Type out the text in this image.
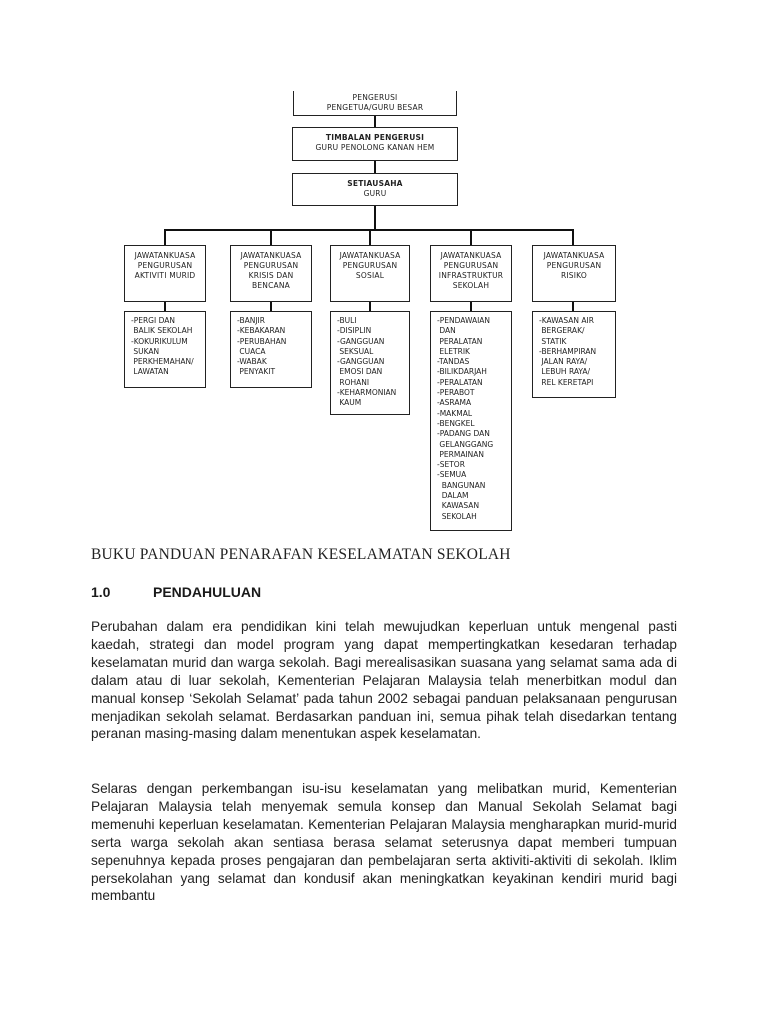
PENGERUSI
PENGETUA/GURU BESAR
TIMBALAN PENGERUSI
GURU PENOLONG KANAN HEM
SETIAUSAHA
GURU
JAWATANKUASA
PENGURUSAN
AKTIVITI MURID
JAWATANKUASA
PENGURUSAN
KRISIS DAN
BENCANA
JAWATANKUASA
PENGURUSAN
SOSIAL
JAWATANKUASA
PENGURUSAN
INFRASTRUKTUR
SEKOLAH
JAWATANKUASA
PENGURUSAN
RISIKO
-PERGI DAN
BALIK SEKOLAH
-KOKURIKULUM
SUKAN
PERKHEMAHAN/
LAWATAN
-BANJIR
-KEBAKARAN
-PERUBAHAN
CUACA
-WABAK
PENYAKIT
-BULI
-DISIPLIN
-GANGGUAN
SEKSUAL
-GANGGUAN
EMOSI DAN
ROHANI
-KEHARMONIAN
KAUM
-PENDAWAIAN
DAN
PERALATAN
ELETRIK
-TANDAS
-BILIKDARJAH
-PERALATAN
-PERABOT
-ASRAMA
-MAKMAL
-BENGKEL
-PADANG DAN
GELANGGANG
PERMAINAN
-SETOR
-SEMUA
BANGUNAN
DALAM
KAWASAN
SEKOLAH
-KAWASAN AIR
BERGERAK/
STATIK
-BERHAMPIRAN
JALAN RAYA/
LEBUH RAYA/
REL KERETAPI
BUKU PANDUAN PENARAFAN KESELAMATAN SEKOLAH
1.0	PENDAHULUAN
Perubahan dalam era pendidikan kini telah mewujudkan keperluan untuk mengenal pasti kaedah, strategi dan model program yang dapat mempertingkatkan kesedaran terhadap keselamatan murid dan warga sekolah. Bagi merealisasikan suasana yang selamat sama ada di dalam atau di luar sekolah, Kementerian Pelajaran Malaysia telah menerbitkan modul dan manual konsep ‘Sekolah Selamat’ pada tahun 2002 sebagai panduan pelaksanaan pengurusan menjadikan sekolah selamat. Berdasarkan panduan ini, semua pihak telah disedarkan tentang peranan masing-masing dalam menentukan aspek keselamatan.
Selaras dengan perkembangan isu-isu keselamatan yang melibatkan murid, Kementerian Pelajaran Malaysia telah menyemak semula konsep dan Manual Sekolah Selamat bagi memenuhi keperluan keselamatan. Kementerian Pelajaran Malaysia mengharapkan murid-murid serta warga sekolah akan sentiasa berasa selamat seterusnya dapat memberi tumpuan sepenuhnya kepada proses pengajaran dan pembelajaran serta aktiviti-aktiviti di sekolah. Iklim persekolahan yang selamat dan kondusif akan meningkatkan keyakinan kendiri murid bagi membantu
